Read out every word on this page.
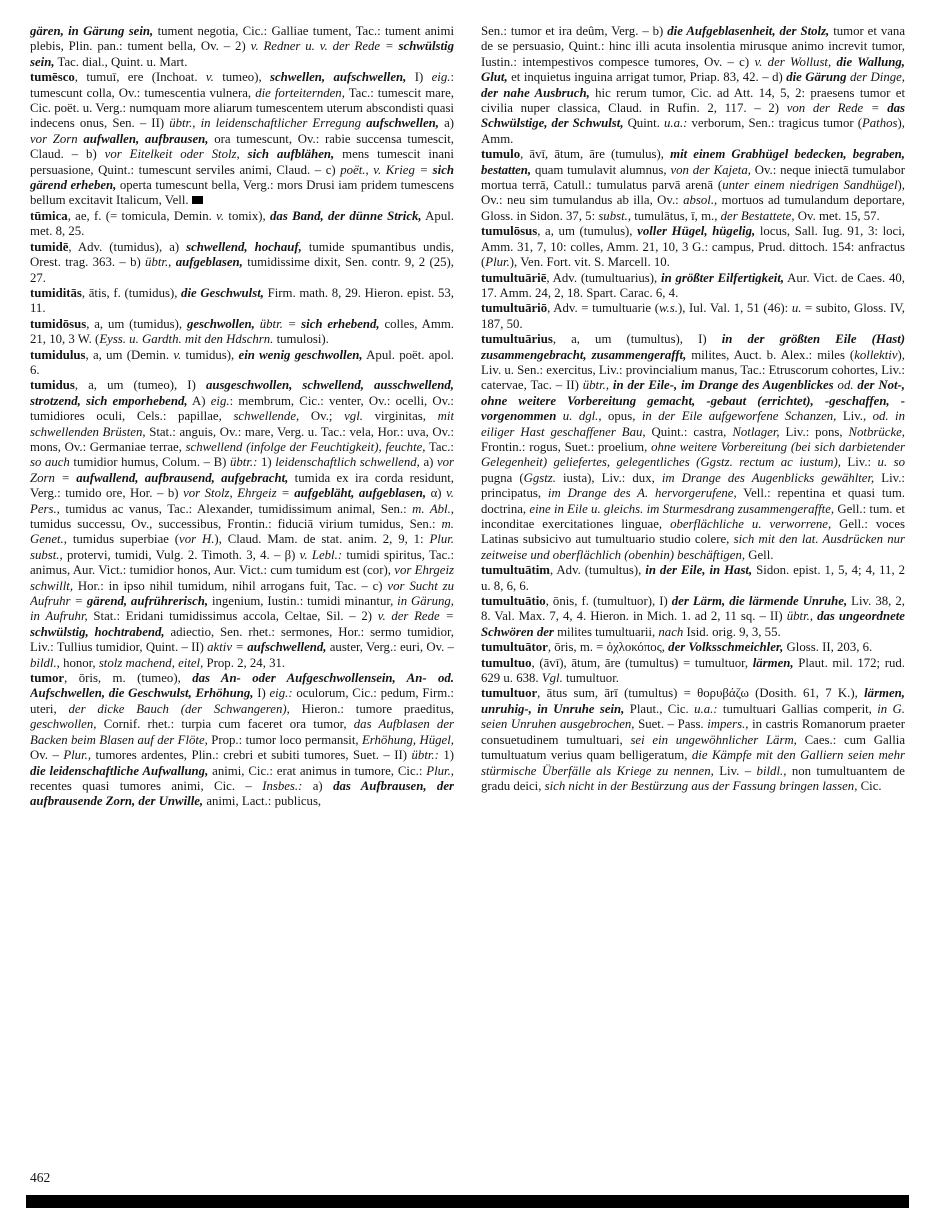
gären, in Gärung sein, tument negotia, Cic.: Galliae tument, Tac.: tument animi plebis, Plin. pan.: tument bella, Ov. – 2) v. Redner u. v. der Rede = schwülstig sein, Tac. dial., Quint. u. Mart.

tumēsco, tumuī, ere (Inchoat. v. tumeo), schwellen, aufschwellen, I) eig.: tumescunt colla, Ov.: tumescentia vulnera, die forteiternden, Tac.: tumescit mare, Cic. poët. u. Verg.: numquam more aliarum tumescentem uterum abscondisti quasi indecens onus, Sen. – II) übtr., in leidenschaftlicher Erregung aufschwellen, a) vor Zorn aufwallen, aufbrausen, ora tumescunt, Ov.: rabie succensa tumescit, Claud. – b) vor Eitelkeit oder Stolz, sich aufblähen, mens tumescit inani persuasione, Quint.: tumescunt serviles animi, Claud. – c) poët., v. Krieg = sich gärend erheben, operta tumescunt bella, Verg.: mors Drusi iam pridem tumescens bellum excitavit Italicum, Vell.

tūmica, ae, f. (= tomicula, Demin. v. tomix), das Band, der dünne Strick, Apul. met. 8, 25.

tumidē, Adv. (tumidus), a) schwellend, hochauf, tumide spumantibus undis, Orest. trag. 363. – b) übtr., aufgeblasen, tumidissime dixit, Sen. contr. 9, 2 (25), 27.

tumiditās, ātis, f. (tumidus), die Geschwulst, Firm. math. 8, 29. Hieron. epist. 53, 11.

tumidōsus, a, um (tumidus), geschwollen, übtr. = sich erhebend, colles, Amm. 21, 10, 3 W. (Eyss. u. Gardth. mit den Hdschrn. tumulosi).

tumidulus, a, um (Demin. v. tumidus), ein wenig geschwollen, Apul. poët. apol. 6.

tumidus, a, um (tumeo), I) ausgeschwollen, schwellend, ausschwellend, strotzend, sich emporhebend, A) eig.: membrum, Cic.: venter, Ov.: ocelli, Ov.: tumidiores oculi, Cels.: papillae, schwellende, Ov.; vgl. virginitas, mit schwellenden Brüsten, Stat.: anguis, Ov.: mare, Verg. u. Tac.: vela, Hor.: uva, Ov.: mons, Ov.: Germaniae terrae, schwellend (infolge der Feuchtigkeit), feuchte, Tac.: so auch tumidior humus, Colum. – B) übtr.: 1) leidenschaftlich schwellend, a) vor Zorn = aufwallend, aufbrausend, aufgebracht, tumida ex ira corda residunt, Verg.: tumido ore, Hor. – b) vor Stolz, Ehrgeiz = aufgebläht, aufgeblasen, α) v. Pers., tumidus ac vanus, Tac.: Alexander, tumidissimum animal, Sen.: m. Abl., tumidus successu, Ov., successibus, Frontin.: fiduciā virium tumidus, Sen.: m. Genet., tumidus superbiae (vor H.), Claud. Mam. de stat. anim. 2, 9, 1: Plur. subst., protervi, tumidi, Vulg. 2. Timoth. 3, 4. – β) v. Lebl.: tumidi spiritus, Tac.: animus, Aur. Vict.: tumidior honos, Aur. Vict.: cum tumidum est (cor), vor Ehrgeiz schwillt, Hor.: in ipso nihil tumidum, nihil arrogans fuit, Tac. – c) vor Sucht zu Aufruhr = gärend, aufrührerisch, ingenium, Iustin.: tumidi minantur, in Gärung, in Aufruhr, Stat.: Eridani tumidissimus accola, Celtae, Sil. – 2) v. der Rede = schwülstig, hochtrabend, adiectio, Sen. rhet.: sermones, Hor.: sermo tumidior, Liv.: Tullius tumidior, Quint. – II) aktiv = aufschwellend, auster, Verg.: euri, Ov. – bildl., honor, stolz machend, eitel, Prop. 2, 24, 31.

tumor, ōris, m. (tumeo), das An- oder Aufgeschwollensein, An- od. Aufschwellen, die Geschwulst, Erhöhung, I) eig.: oculorum, Cic.: pedum, Firm.: uteri, der dicke Bauch (der Schwangeren), Hieron.: tumore praeditus, geschwollen, Cornif. rhet.: turpia cum faceret ora tumor, das Aufblasen der Backen beim Blasen auf der Flöte, Prop.: tumor loco permansit, Erhöhung, Hügel, Ov. – Plur., tumores ardentes, Plin.: crebri et subiti tumores, Suet. – II) übtr.: 1) die leidenschaftliche Aufwallung, animi, Cic.: erat animus in tumore, Cic.: Plur., recentes quasi tumores animi, Cic. – Insbes.: a) das Aufbrausen, der aufbrausende Zorn, der Unwille, animi, Lact.: publicus,

Sen.: tumor et ira deûm, Verg. – b) die Aufgeblasenheit, der Stolz, tumor et vana de se persuasio, Quint.: hinc illi acuta insolentia mirusque animo increvit tumor, Iustin.: intempestivos compesce tumores, Ov. – c) v. der Wollust, die Wallung, Glut, et inquietus inguina arrigat tumor, Priap. 83, 42. – d) die Gärung der Dinge, der nahe Ausbruch, hic rerum tumor, Cic. ad Att. 14, 5, 2: praesens tumor et civilia nuper classica, Claud. in Rufin. 2, 117. – 2) von der Rede = das Schwülstige, der Schwulst, Quint. u.a.: verborum, Sen.: tragicus tumor (Pathos), Amm.

tumulo, āvī, ātum, āre (tumulus), mit einem Grabhügel bedecken, begraben, bestatten, quam tumulavit alumnus, von der Kajeta, Ov.: neque iniectā tumulabor mortua terrā, Catull.: tumulatus parvā arenā (unter einem niedrigen Sandhügel), Ov.: neu sim tumulandus ab illa, Ov.: absol., mortuos ad tumulandum deportare, Gloss. in Sidon. 37, 5: subst., tumulātus, ī, m., der Bestattete, Ov. met. 15, 57.

tumulōsus, a, um (tumulus), voller Hügel, hügelig, locus, Sall. Iug. 91, 3: loci, Amm. 31, 7, 10: colles, Amm. 21, 10, 3 G.: campus, Prud. dittoch. 154: anfractus (Plur.), Ven. Fort. vit. S. Marcell. 10.

tumultuāriē, Adv. (tumultuarius), in größter Eilfertigkeit, Aur. Vict. de Caes. 40, 17. Amm. 24, 2, 18. Spart. Carac. 6, 4.

tumultuāriō, Adv. = tumultuarie (w.s.), Iul. Val. 1, 51 (46): u. = subito, Gloss. IV, 187, 50.

tumultuārius, a, um (tumultus), I) in der größten Eile (Hast) zusammengebracht, zusammengerafft, milites, Auct. b. Alex.: miles (kollektiv), Liv. u. Sen.: exercitus, Liv.: provincialium manus, Tac.: Etruscorum cohortes, Liv.: catervae, Tac. – II) übtr., in der Eile-, im Drange des Augenblickes od. der Not-, ohne weitere Vorbereitung gemacht, -gebaut (errichtet), -geschaffen, -vorgenommen u. dgl., opus, in der Eile aufgeworfene Schanzen, Liv., od. in eiliger Hast geschaffener Bau, Quint.: castra, Notlager, Liv.: pons, Notbrücke, Frontin.: rogus, Suet.: proelium, ohne weitere Vorbereitung (bei sich darbietender Gelegenheit) geliefertes, gelegentliches (Ggstz. rectum ac iustum), Liv.: u. so pugna (Ggstz. iusta), Liv.: dux, im Drange des Augenblicks gewählter, Liv.: principatus, im Drange des A. hervorgerufene, Vell.: repentina et quasi tum. doctrina, eine in Eile u. gleichs. im Sturmesdrang zusammengeraffte, Gell.: tum. et inconditae exercitationes linguae, oberflächliche u. verworrene, Gell.: voces Latinas subsicivo aut tumultuario studio colere, sich mit den lat. Ausdrücken nur zeitweise und oberflächlich (obenhin) beschäftigen, Gell.

tumultuātim, Adv. (tumultus), in der Eile, in Hast, Sidon. epist. 1, 5, 4; 4, 11, 2 u. 8, 6, 6.

tumultuātio, ōnis, f. (tumultuor), I) der Lärm, die lärmende Unruhe, Liv. 38, 2, 8. Val. Max. 7, 4, 4. Hieron. in Mich. 1. ad 2, 11 sq. – II) übtr., das ungeordnete Schwören der milites tumultuarii, nach Isid. orig. 9, 3, 55.

tumultuātor, ōris, m. = ὀχλοκόπος, der Volksschmeichler, Gloss. II, 203, 6.

tumultuo, (āvī), ātum, āre (tumultus) = tumultuor, lärmen, Plaut. mil. 172; rud. 629 u. 638. Vgl. tumultuor.

tumultuor, ātus sum, ārī (tumultus) = θορυβάζω (Dosith. 61, 7 K.), lärmen, unruhig-, in Unruhe sein, Plaut., Cic. u.a.: tumultuari Gallias comperit, in G. seien Unruhen ausgebrochen, Suet. – Pass. impers., in castris Romanorum praeter consuetudinem tumultuari, sei ein ungewöhnlicher Lärm, Caes.: cum Gallia tumultuatum verius quam belligeratum, die Kämpfe mit den Galliern seien mehr stürmische Überfälle als Kriege zu nennen, Liv. – bildl., non tumultuantem de gradu deici, sich nicht in der Bestürzung aus der Fassung bringen lassen, Cic.

462
